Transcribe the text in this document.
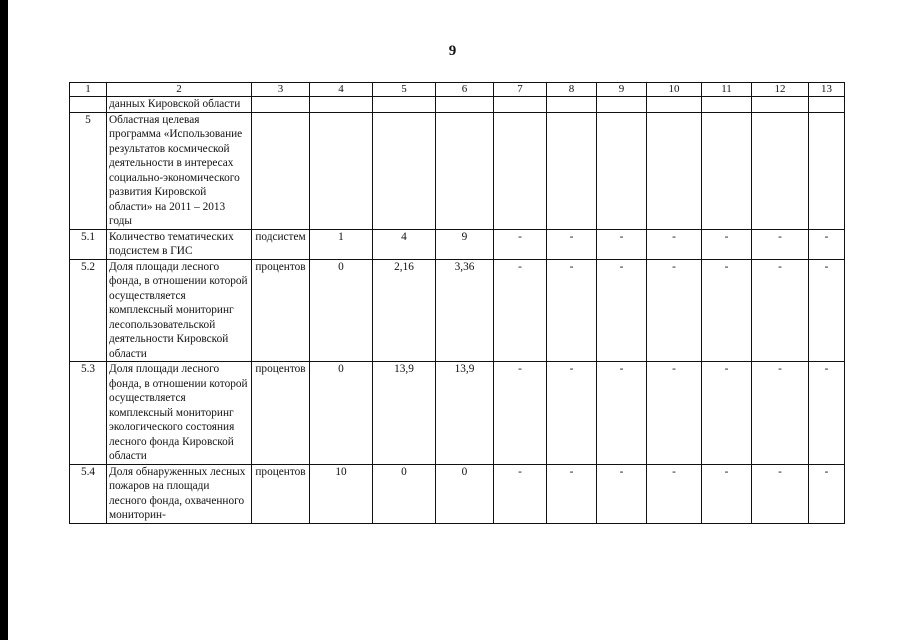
9
1	2	3	4	5	6	7	8	9	10	11	12	13
	данных Кировской области											
5	Областная целевая программа «Использование результатов космической деятельности в интересах социально-экономического развития Кировской области» на 2011 – 2013 годы											
5.1	Количество тематических подсистем в ГИС	подсистем	1	4	9	-	-	-	-	-	-	-
5.2	Доля площади лесного фонда, в отношении которой осуществляется комплексный мониторинг лесопользовательской деятельности Кировской области	процентов	0	2,16	3,36	-	-	-	-	-	-	-
5.3	Доля площади лесного фонда, в отношении которой осуществляется комплексный мониторинг экологического состояния лесного фонда Кировской области	процентов	0	13,9	13,9	-	-	-	-	-	-	-
5.4	Доля обнаруженных лесных пожаров на площади лесного фонда, охваченного мониторин-	процентов	10	0	0	-	-	-	-	-	-	-
